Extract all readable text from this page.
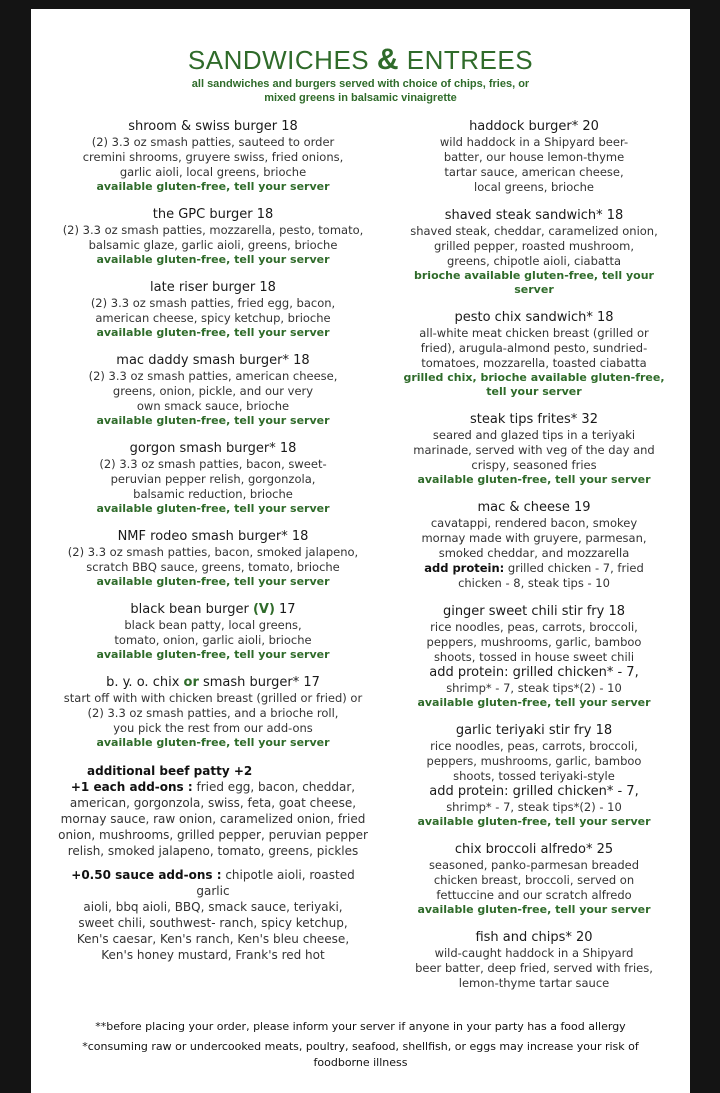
SANDWICHES & ENTREES
all sandwiches and burgers served with choice of chips, fries, or
mixed greens in balsamic vinaigrette
shroom & swiss burger 18
(2) 3.3 oz smash patties, sauteed to order
cremini shrooms, gruyere swiss, fried onions,
garlic aioli, local greens, brioche
available gluten-free, tell your server
the GPC burger 18
(2) 3.3 oz smash patties, mozzarella, pesto, tomato,
balsamic glaze, garlic aioli, greens, brioche
available gluten-free, tell your server
late riser burger 18
(2) 3.3 oz smash patties, fried egg, bacon,
american cheese, spicy ketchup, brioche
available gluten-free, tell your server
mac daddy smash burger* 18
(2) 3.3 oz smash patties, american cheese,
greens, onion, pickle, and our very
own smack sauce, brioche
available gluten-free, tell your server
gorgon smash burger* 18
(2) 3.3 oz smash patties, bacon, sweet-
peruvian pepper relish, gorgonzola,
balsamic reduction, brioche
available gluten-free, tell your server
NMF rodeo smash burger* 18
(2) 3.3 oz smash patties, bacon, smoked jalapeno,
scratch BBQ sauce, greens, tomato, brioche
available gluten-free, tell your server
black bean burger (V) 17
black bean patty, local greens,
tomato, onion, garlic aioli, brioche
available gluten-free, tell your server
b. y. o. chix or smash burger* 17
start off with with chicken breast (grilled or fried) or
(2) 3.3 oz smash patties, and a brioche roll,
you pick the rest from our add-ons
available gluten-free, tell your server
additional beef patty +2
+1 each add-ons : fried egg, bacon, cheddar,
american, gorgonzola, swiss, feta, goat cheese,
mornay sauce, raw onion, caramelized onion, fried
onion, mushrooms, grilled pepper, peruvian pepper
relish, smoked jalapeno, tomato, greens, pickles
+0.50 sauce add-ons : chipotle aioli, roasted garlic
aioli, bbq aioli, BBQ, smack sauce, teriyaki,
sweet chili, southwest- ranch, spicy ketchup,
Ken's caesar, Ken's ranch, Ken's bleu cheese,
Ken's honey mustard, Frank's red hot
haddock burger* 20
wild haddock in a Shipyard beer-
batter, our house lemon-thyme
tartar sauce, american cheese,
local greens, brioche
shaved steak sandwich* 18
shaved steak, cheddar, caramelized onion,
grilled pepper, roasted mushroom,
greens, chipotle aioli, ciabatta
brioche available gluten-free, tell your server
pesto chix sandwich* 18
all-white meat chicken breast (grilled or
fried), arugula-almond pesto, sundried-
tomatoes, mozzarella, toasted ciabatta
grilled chix, brioche available gluten-free,
tell your server
steak tips frites* 32
seared and glazed tips in a teriyaki
marinade, served with veg of the day and
crispy, seasoned fries
available gluten-free, tell your server
mac & cheese 19
cavatappi, rendered bacon, smokey
mornay made with gruyere, parmesan,
smoked cheddar, and mozzarella
add protein: grilled chicken - 7, fried
chicken - 8, steak tips - 10
ginger sweet chili stir fry 18
rice noodles, peas, carrots, broccoli,
peppers, mushrooms, garlic, bamboo
shoots, tossed in house sweet chili
add protein: grilled chicken* - 7,
shrimp* - 7, steak tips*(2) - 10
available gluten-free, tell your server
garlic teriyaki stir fry 18
rice noodles, peas, carrots, broccoli,
peppers, mushrooms, garlic, bamboo
shoots, tossed teriyaki-style
add protein: grilled chicken* - 7,
shrimp* - 7, steak tips*(2) - 10
available gluten-free, tell your server
chix broccoli alfredo* 25
seasoned, panko-parmesan breaded
chicken breast, broccoli, served on
fettuccine and our scratch alfredo
available gluten-free, tell your server
fish and chips* 20
wild-caught haddock in a Shipyard
beer batter, deep fried, served with fries,
lemon-thyme tartar sauce
**before placing your order, please inform your server if anyone in your party has a food allergy
*consuming raw or undercooked meats, poultry, seafood, shellfish, or eggs may increase your risk of
foodborne illness
